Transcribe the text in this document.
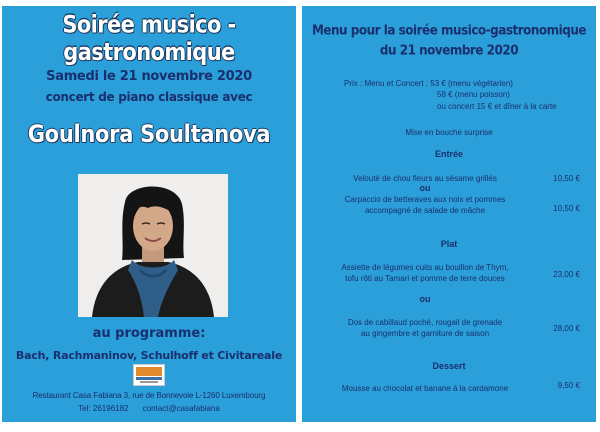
Soirée musico - gastronomique
Samedi le 21 novembre 2020
concert de piano classique avec
Goulnora Soultanova
au programme:
Bach, Rachmaninov, Schulhoff et Civitareale
Restaurant Casa Fabiana 3, rue de Bonnevoie L-1260 Luxembourg
Tel: 26196182 contact@casafabiana
Menu pour la soirée musico-gastronomique
du 21 novembre 2020
Prix : Menu et Concert : 53 € (menu végétarien)
58 € (menu poisson)
ou concert 15 € et dîner à la carte
Mise en bouche surprise
Entrée
Velouté de chou fleurs au sésame grillés	10,50 €
ou
Carpaccio de betteraves aux noix et pommes
accompagné de salade de mâche	10,50 €
Plat
Assiette de légumes cuits au bouillon de Thym,
tofu rôti au Tamari et pomme de terre douces	23,00 €
ou
Dos de cabillaud poché, rougail de grenade
au gingembre et garniture de saison
28,00 €
Dessert
Mousse au chocolat et banane à la cardamone	9,50 €
